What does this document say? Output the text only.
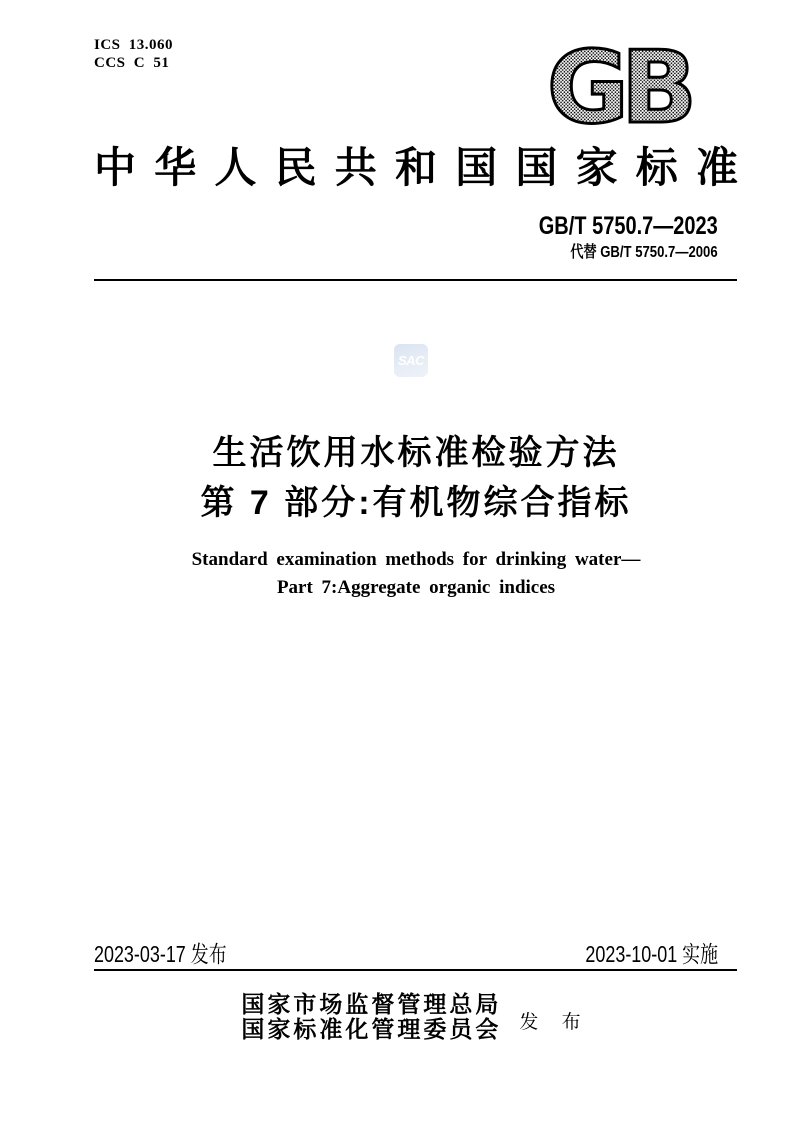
ICS 13.060
CCS C 51	GB
中华人民共和国国家标准
GB/T 5750.7—2023
代替 GB/T 5750.7—2006
SAC
生活饮用水标准检验方法
第 7 部分:有机物综合指标
Standard examination methods for drinking water—
Part 7:Aggregate organic indices
2023-03-17 发布	2023-10-01 实施
国家市场监督管理总局
国家标准化管理委员会 发 布
